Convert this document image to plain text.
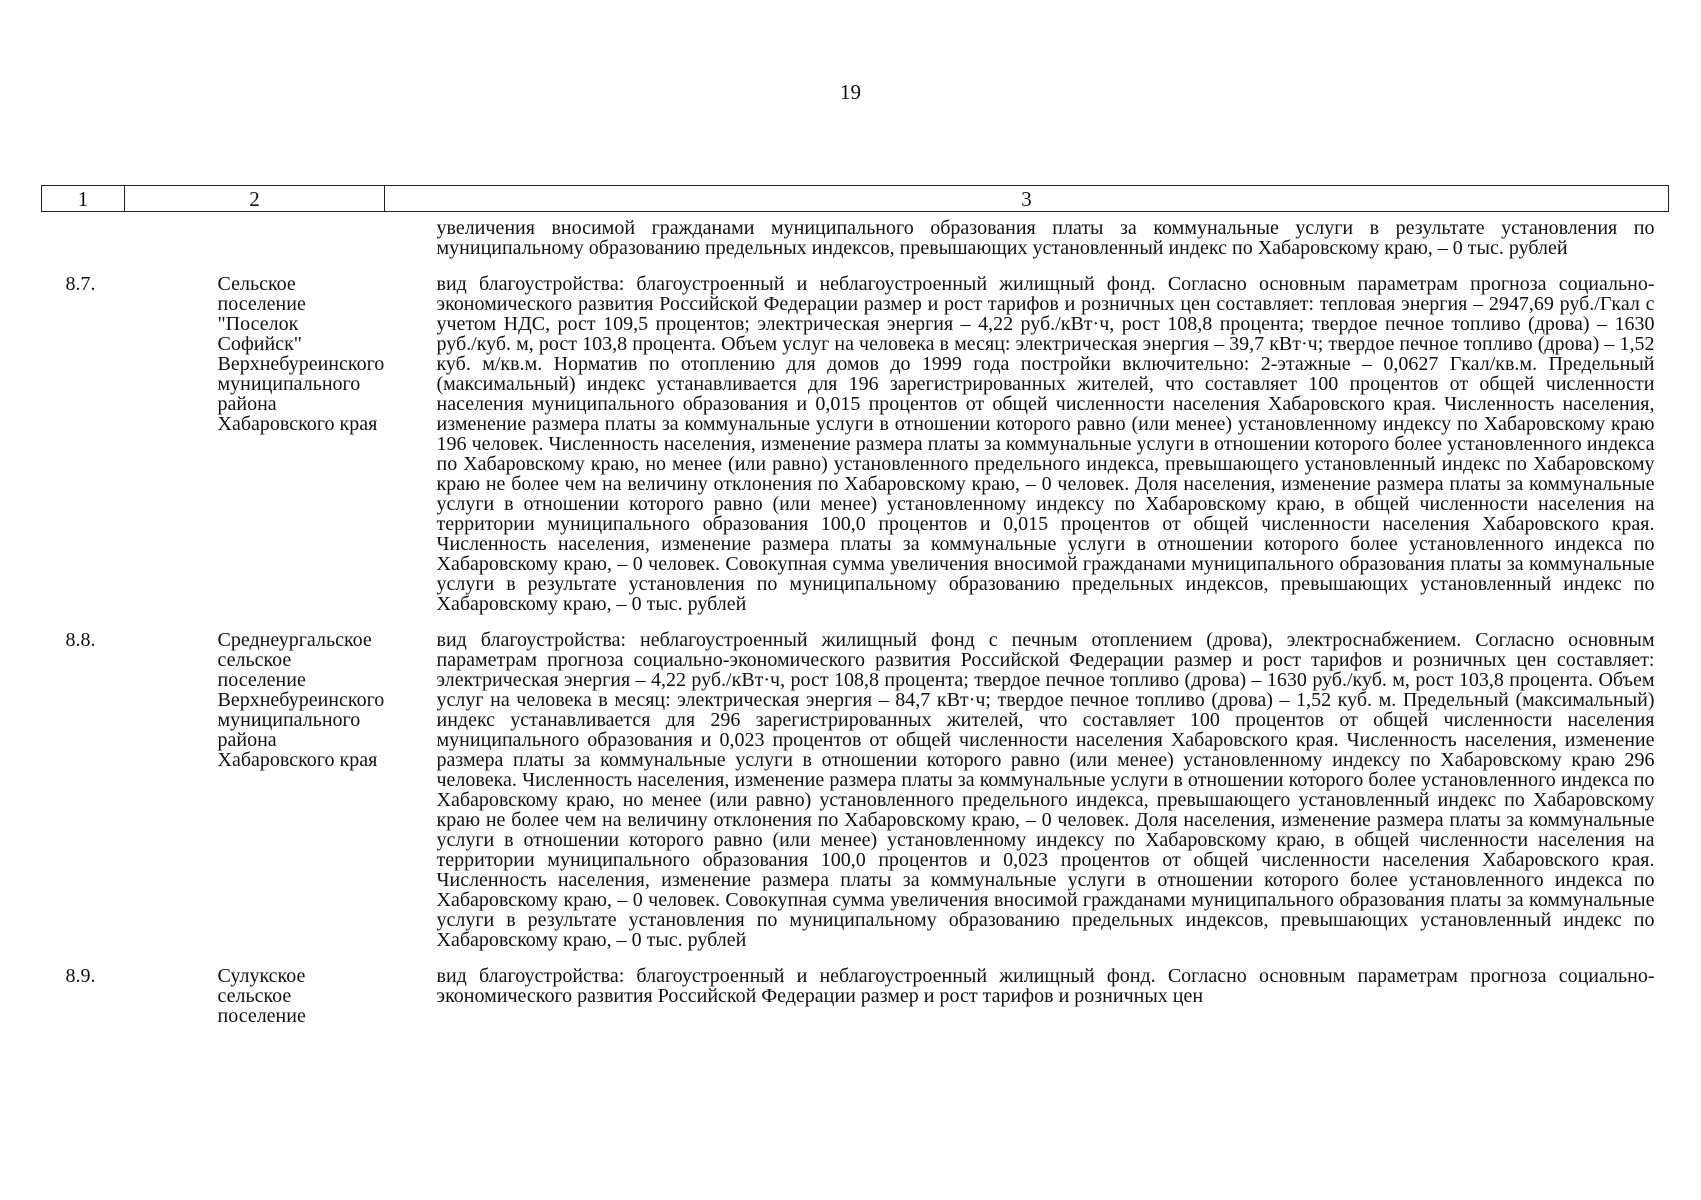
19
1	2	3
		увеличения вносимой гражданами муниципального образования платы за коммунальные услуги в результате установления по муниципальному образованию предельных индексов, превышающих установленный индекс по Хабаровскому краю, – 0 тыс. рублей
8.7.	Сельское поселение "Поселок Софийск" Верхнебуреинского муниципального района Хабаровского края	вид благоустройства: благоустроенный и неблагоустроенный жилищный фонд. Согласно основным параметрам прогноза социально-экономического развития Российской Федерации размер и рост тарифов и розничных цен составляет: тепловая энергия – 2947,69 руб./Гкал с учетом НДС, рост 109,5 процентов; электрическая энергия – 4,22 руб./кВт·ч, рост 108,8 процента; твердое печное топливо (дрова) – 1630 руб./куб. м, рост 103,8 процента. Объем услуг на человека в месяц: электрическая энергия – 39,7 кВт·ч; твердое печное топливо (дрова) – 1,52 куб. м/кв.м. Норматив по отоплению для домов до 1999 года постройки включительно: 2-этажные – 0,0627 Гкал/кв.м. Предельный (максимальный) индекс устанавливается для 196 зарегистрированных жителей, что составляет 100 процентов от общей численности населения муниципального образования и 0,015 процентов от общей численности населения Хабаровского края. Численность населения, изменение размера платы за коммунальные услуги в отношении которого равно (или менее) установленному индексу по Хабаровскому краю 196 человек. Численность населения, изменение размера платы за коммунальные услуги в отношении которого более установленного индекса по Хабаровскому краю, но менее (или равно) установленного предельного индекса, превышающего установленный индекс по Хабаровскому краю не более чем на величину отклонения по Хабаровскому краю, – 0 человек. Доля населения, изменение размера платы за коммунальные услуги в отношении которого равно (или менее) установленному индексу по Хабаровскому краю, в общей численности населения на территории муниципального образования 100,0 процентов и 0,015 процентов от общей численности населения Хабаровского края. Численность населения, изменение размера платы за коммунальные услуги в отношении которого более установленного индекса по Хабаровскому краю, – 0 человек. Совокупная сумма увеличения вносимой гражданами муниципального образования платы за коммунальные услуги в результате установления по муниципальному образованию предельных индексов, превышающих установленный индекс по Хабаровскому краю, – 0 тыс. рублей
8.8.	Среднеургальское сельское поселение Верхнебуреинского муниципального района Хабаровского края	вид благоустройства: неблагоустроенный жилищный фонд с печным отоплением (дрова), электроснабжением. Согласно основным параметрам прогноза социально-экономического развития Российской Федерации размер и рост тарифов и розничных цен составляет: электрическая энергия – 4,22 руб./кВт·ч, рост 108,8 процента; твердое печное топливо (дрова) – 1630 руб./куб. м, рост 103,8 процента. Объем услуг на человека в месяц: электрическая энергия – 84,7 кВт·ч; твердое печное топливо (дрова) – 1,52 куб. м. Предельный (максимальный) индекс устанавливается для 296 зарегистрированных жителей, что составляет 100 процентов от общей численности населения муниципального образования и 0,023 процентов от общей численности населения Хабаровского края. Численность населения, изменение размера платы за коммунальные услуги в отношении которого равно (или менее) установленному индексу по Хабаровскому краю 296 человека. Численность населения, изменение размера платы за коммунальные услуги в отношении которого более установленного индекса по Хабаровскому краю, но менее (или равно) установленного предельного индекса, превышающего установленный индекс по Хабаровскому краю не более чем на величину отклонения по Хабаровскому краю, – 0 человек. Доля населения, изменение размера платы за коммунальные услуги в отношении которого равно (или менее) установленному индексу по Хабаровскому краю, в общей численности населения на территории муниципального образования 100,0 процентов и 0,023 процентов от общей численности населения Хабаровского края. Численность населения, изменение размера платы за коммунальные услуги в отношении которого более установленного индекса по Хабаровскому краю, – 0 человек. Совокупная сумма увеличения вносимой гражданами муниципального образования платы за коммунальные услуги в результате установления по муниципальному образованию предельных индексов, превышающих установленный индекс по Хабаровскому краю, – 0 тыс. рублей
8.9.	Сулукское сельское поселение	вид благоустройства: благоустроенный и неблагоустроенный жилищный фонд. Согласно основным параметрам прогноза социально-экономического развития Российской Федерации размер и рост тарифов и розничных цен
